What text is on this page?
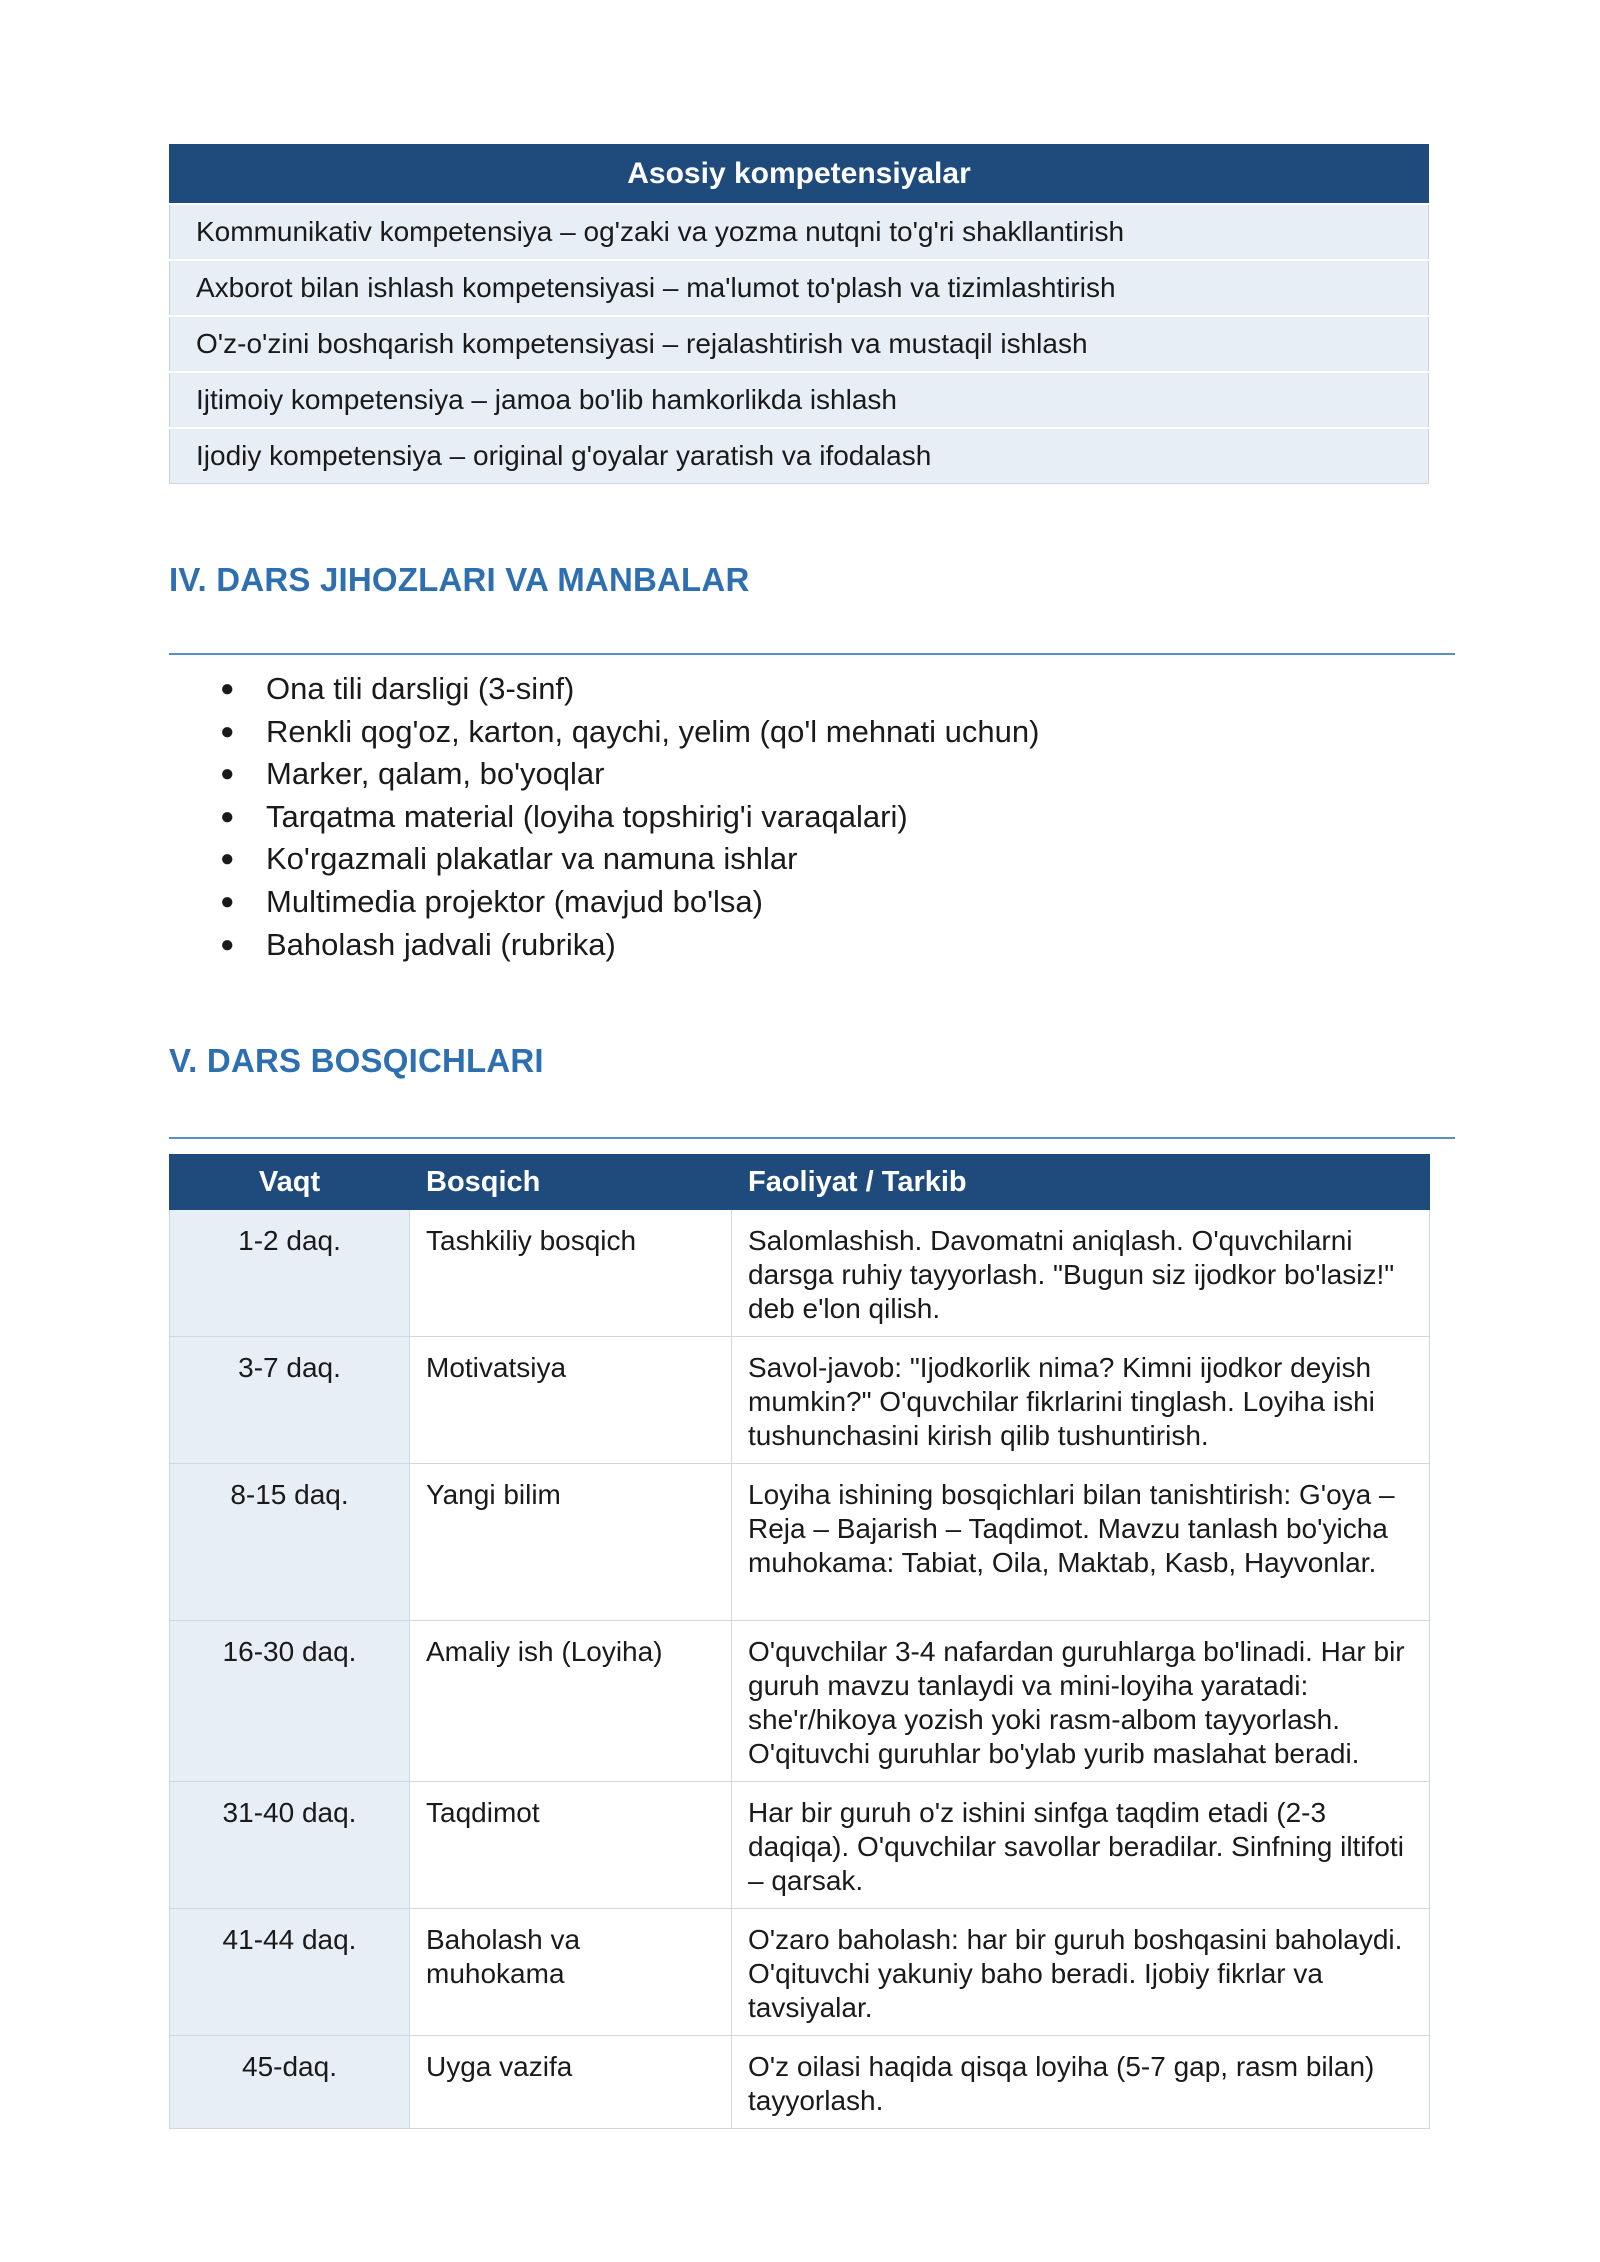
Asosiy kompetensiyalar
Kommunikativ kompetensiya – og'zaki va yozma nutqni to'g'ri shakllantirish
Axborot bilan ishlash kompetensiyasi – ma'lumot to'plash va tizimlashtirish
O'z-o'zini boshqarish kompetensiyasi – rejalashtirish va mustaqil ishlash
Ijtimoiy kompetensiya – jamoa bo'lib hamkorlikda ishlash
Ijodiy kompetensiya – original g'oyalar yaratish va ifodalash
IV. DARS JIHOZLARI VA MANBALAR
● Ona tili darsligi (3-sinf)
● Renkli qog'oz, karton, qaychi, yelim (qo'l mehnati uchun)
● Marker, qalam, bo'yoqlar
● Tarqatma material (loyiha topshirig'i varaqalari)
● Ko'rgazmali plakatlar va namuna ishlar
● Multimedia projektor (mavjud bo'lsa)
● Baholash jadvali (rubrika)
V. DARS BOSQICHLARI
Vaqt	Bosqich	Faoliyat / Tarkib
1-2 daq.	Tashkiliy bosqich	Salomlashish. Davomatni aniqlash. O'quvchilarni darsga ruhiy tayyorlash. "Bugun siz ijodkor bo'lasiz!" deb e'lon qilish.
3-7 daq.	Motivatsiya	Savol-javob: "Ijodkorlik nima? Kimni ijodkor deyish mumkin?" O'quvchilar fikrlarini tinglash. Loyiha ishi tushunchasini kirish qilib tushuntirish.
8-15 daq.	Yangi bilim	Loyiha ishining bosqichlari bilan tanishtirish: G'oya – Reja – Bajarish – Taqdimot. Mavzu tanlash bo'yicha muhokama: Tabiat, Oila, Maktab, Kasb, Hayvonlar.
16-30 daq.	Amaliy ish (Loyiha)	O'quvchilar 3-4 nafardan guruhlarga bo'linadi. Har bir guruh mavzu tanlaydi va mini-loyiha yaratadi: she'r/hikoya yozish yoki rasm-albom tayyorlash. O'qituvchi guruhlar bo'ylab yurib maslahat beradi.
31-40 daq.	Taqdimot	Har bir guruh o'z ishini sinfga taqdim etadi (2-3 daqiqa). O'quvchilar savollar beradilar. Sinfning iltifoti – qarsak.
41-44 daq.	Baholash va muhokama	O'zaro baholash: har bir guruh boshqasini baholaydi. O'qituvchi yakuniy baho beradi. Ijobiy fikrlar va tavsiyalar.
45-daq.	Uyga vazifa	O'z oilasi haqida qisqa loyiha (5-7 gap, rasm bilan) tayyorlash.
